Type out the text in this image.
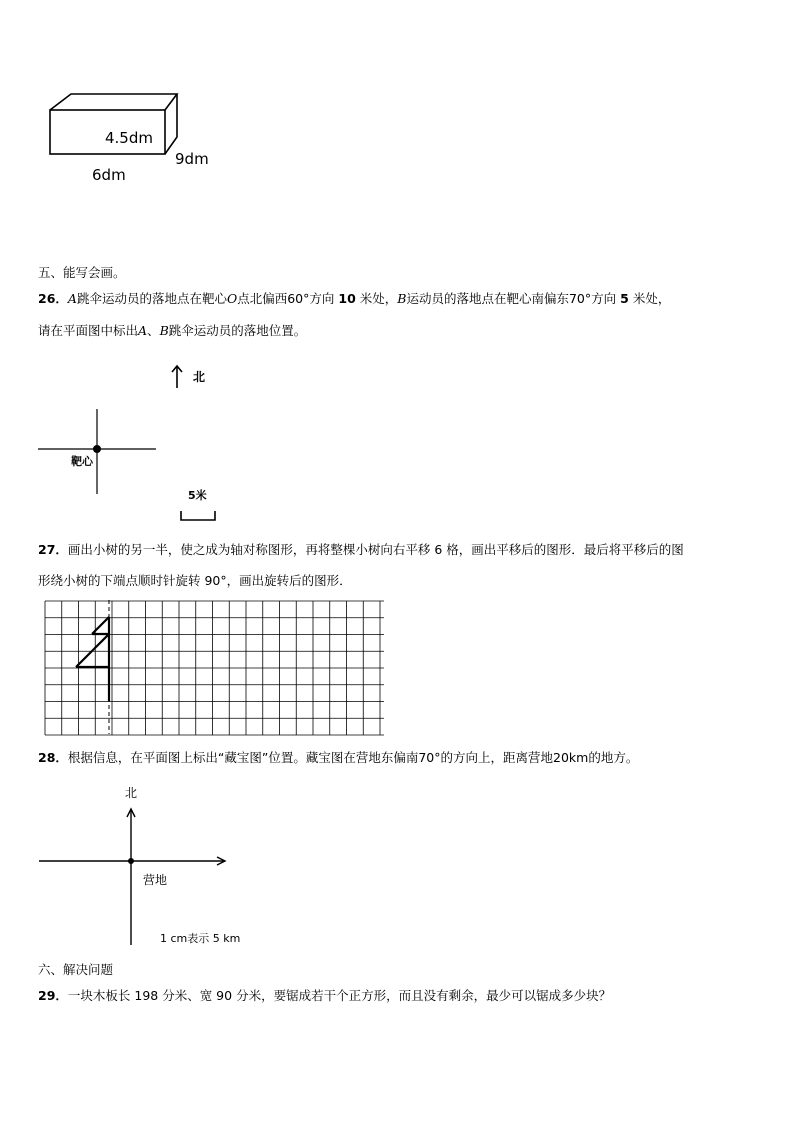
4.5dm
9dm
6dm
五、能写会画。
26．A跳伞运动员的落地点在靶心O点北偏西60°方向 10 米处，B运动员的落地点在靶心南偏东70°方向 5 米处，
请在平面图中标出A、B跳伞运动员的落地位置。
北
靶心
5米
27．画出小树的另一半，使之成为轴对称图形，再将整棵小树向右平移 6 格，画出平移后的图形．最后将平移后的图
形绕小树的下端点顺时针旋转 90°，画出旋转后的图形．
28．根据信息，在平面图上标出“藏宝图”位置。藏宝图在营地东偏南70°的方向上，距离营地20km的地方。
北
营地
1 cm表示 5 km
六、解决问题
29．一块木板长 198 分米、宽 90 分米，要锯成若干个正方形，而且没有剩余，最少可以锯成多少块？
